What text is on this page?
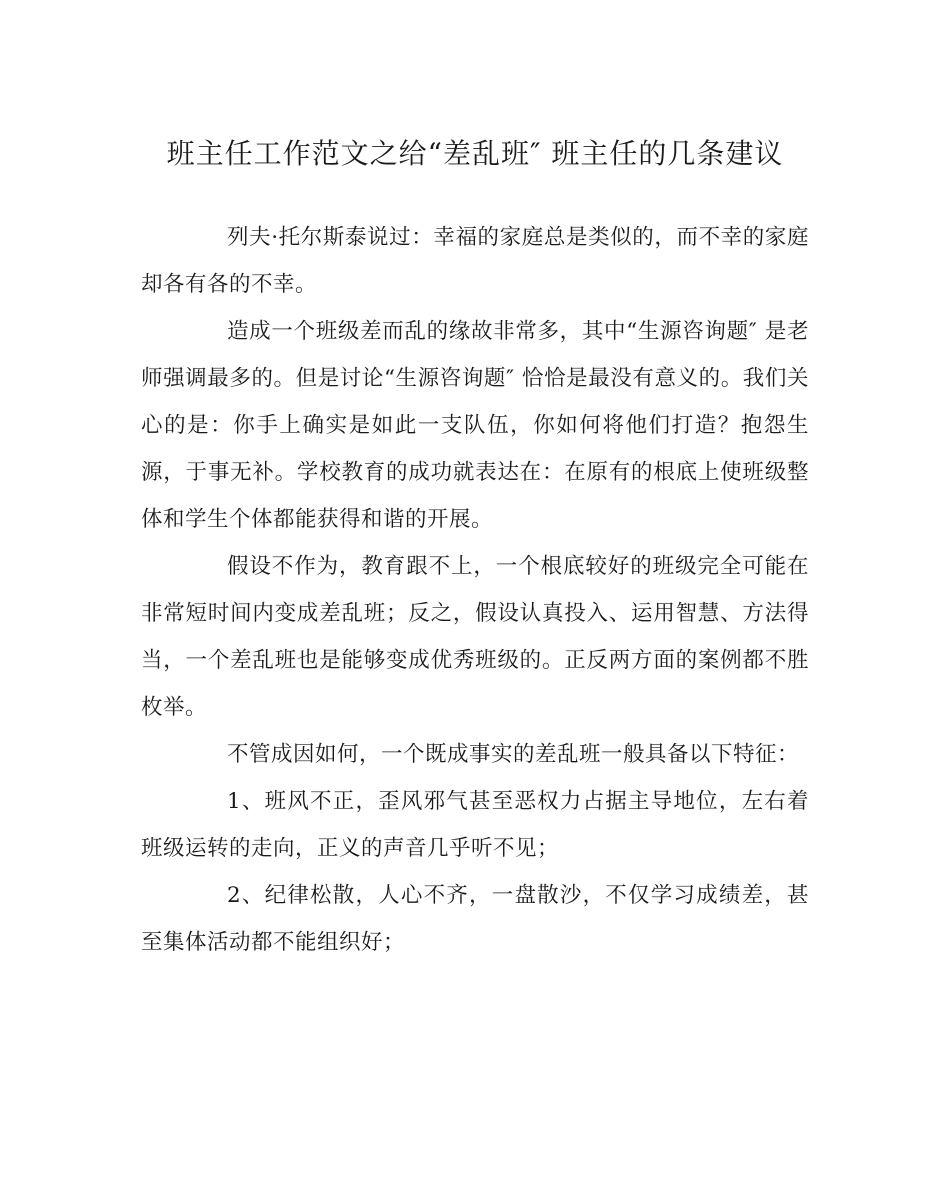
班主任工作范文之给“差乱班″ 班主任的几条建议

列夫·托尔斯泰说过：幸福的家庭总是类似的，而不幸的家庭却各有各的不幸。

造成一个班级差而乱的缘故非常多，其中“生源咨询题″ 是老师强调最多的。但是讨论“生源咨询题″ 恰恰是最没有意义的。我们关心的是：你手上确实是如此一支队伍，你如何将他们打造？抱怨生源，于事无补。学校教育的成功就表达在：在原有的根底上使班级整体和学生个体都能获得和谐的开展。

假设不作为，教育跟不上，一个根底较好的班级完全可能在非常短时间内变成差乱班；反之，假设认真投入、运用智慧、方法得当，一个差乱班也是能够变成优秀班级的。正反两方面的案例都不胜枚举。

不管成因如何，一个既成事实的差乱班一般具备以下特征：

1、班风不正，歪风邪气甚至恶权力占据主导地位，左右着班级运转的走向，正义的声音几乎听不见；

2、纪律松散，人心不齐，一盘散沙，不仅学习成绩差，甚至集体活动都不能组织好；
